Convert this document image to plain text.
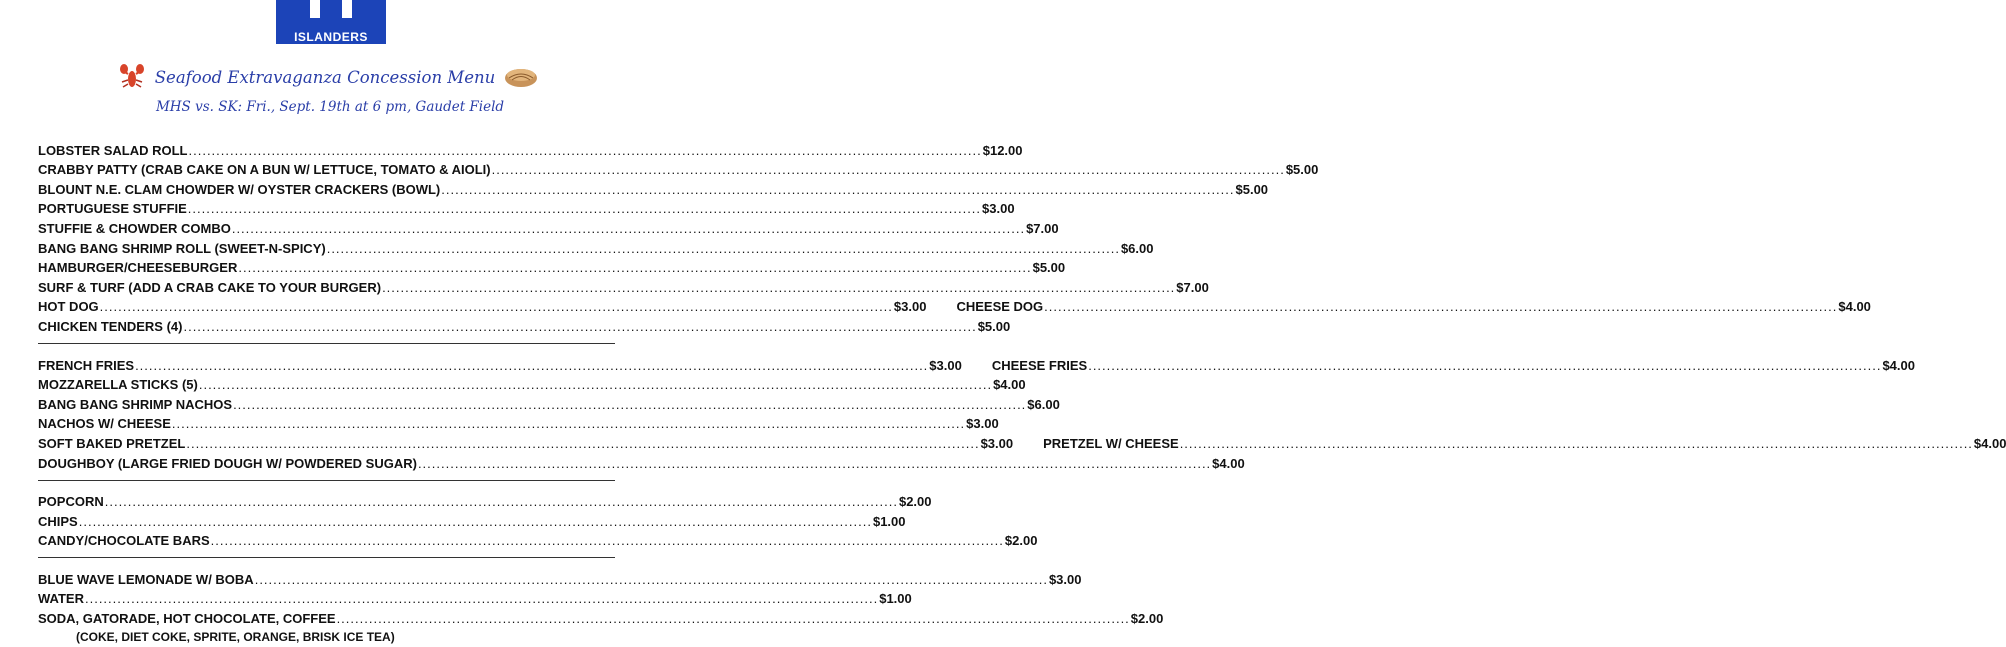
ISLANDERS
Seafood Extravaganza Concession Menu
MHS vs. SK: Fri., Sept. 19th at 6 pm, Gaudet Field
LOBSTER SALAD ROLL .....	$12.00
CRABBY PATTY (CRAB CAKE ON A BUN W/ LETTUCE, TOMATO & AIOLI) .....	$5.00
BLOUNT N.E. CLAM CHOWDER W/ OYSTER CRACKERS (BOWL) .....	$5.00
PORTUGUESE STUFFIE .....	$3.00
STUFFIE & CHOWDER COMBO .....	$7.00
BANG BANG SHRIMP ROLL (SWEET-N-SPICY) .....	$6.00
HAMBURGER/CHEESEBURGER .....	$5.00
SURF & TURF (ADD A CRAB CAKE TO YOUR BURGER) .....	$7.00
HOT DOG .....	$3.00 CHEESE DOG .....	$4.00
CHICKEN TENDERS (4) .....	$5.00
FRENCH FRIES .....	$3.00 CHEESE FRIES .....	$4.00
MOZZARELLA STICKS (5) .....	$4.00
BANG BANG SHRIMP NACHOS .....	$6.00
NACHOS W/ CHEESE .....	$3.00
SOFT BAKED PRETZEL .....	$3.00 PRETZEL W/ CHEESE .....	$4.00
DOUGHBOY (LARGE FRIED DOUGH W/ POWDERED SUGAR) .....	$4.00
POPCORN .....	$2.00
CHIPS .....	$1.00
CANDY/CHOCOLATE BARS .....	$2.00
BLUE WAVE LEMONADE W/ BOBA .....	$3.00
WATER .....	$1.00
SODA, GATORADE, HOT CHOCOLATE, COFFEE .....	$2.00
(COKE, DIET COKE, SPRITE, ORANGE, BRISK ICE TEA)
